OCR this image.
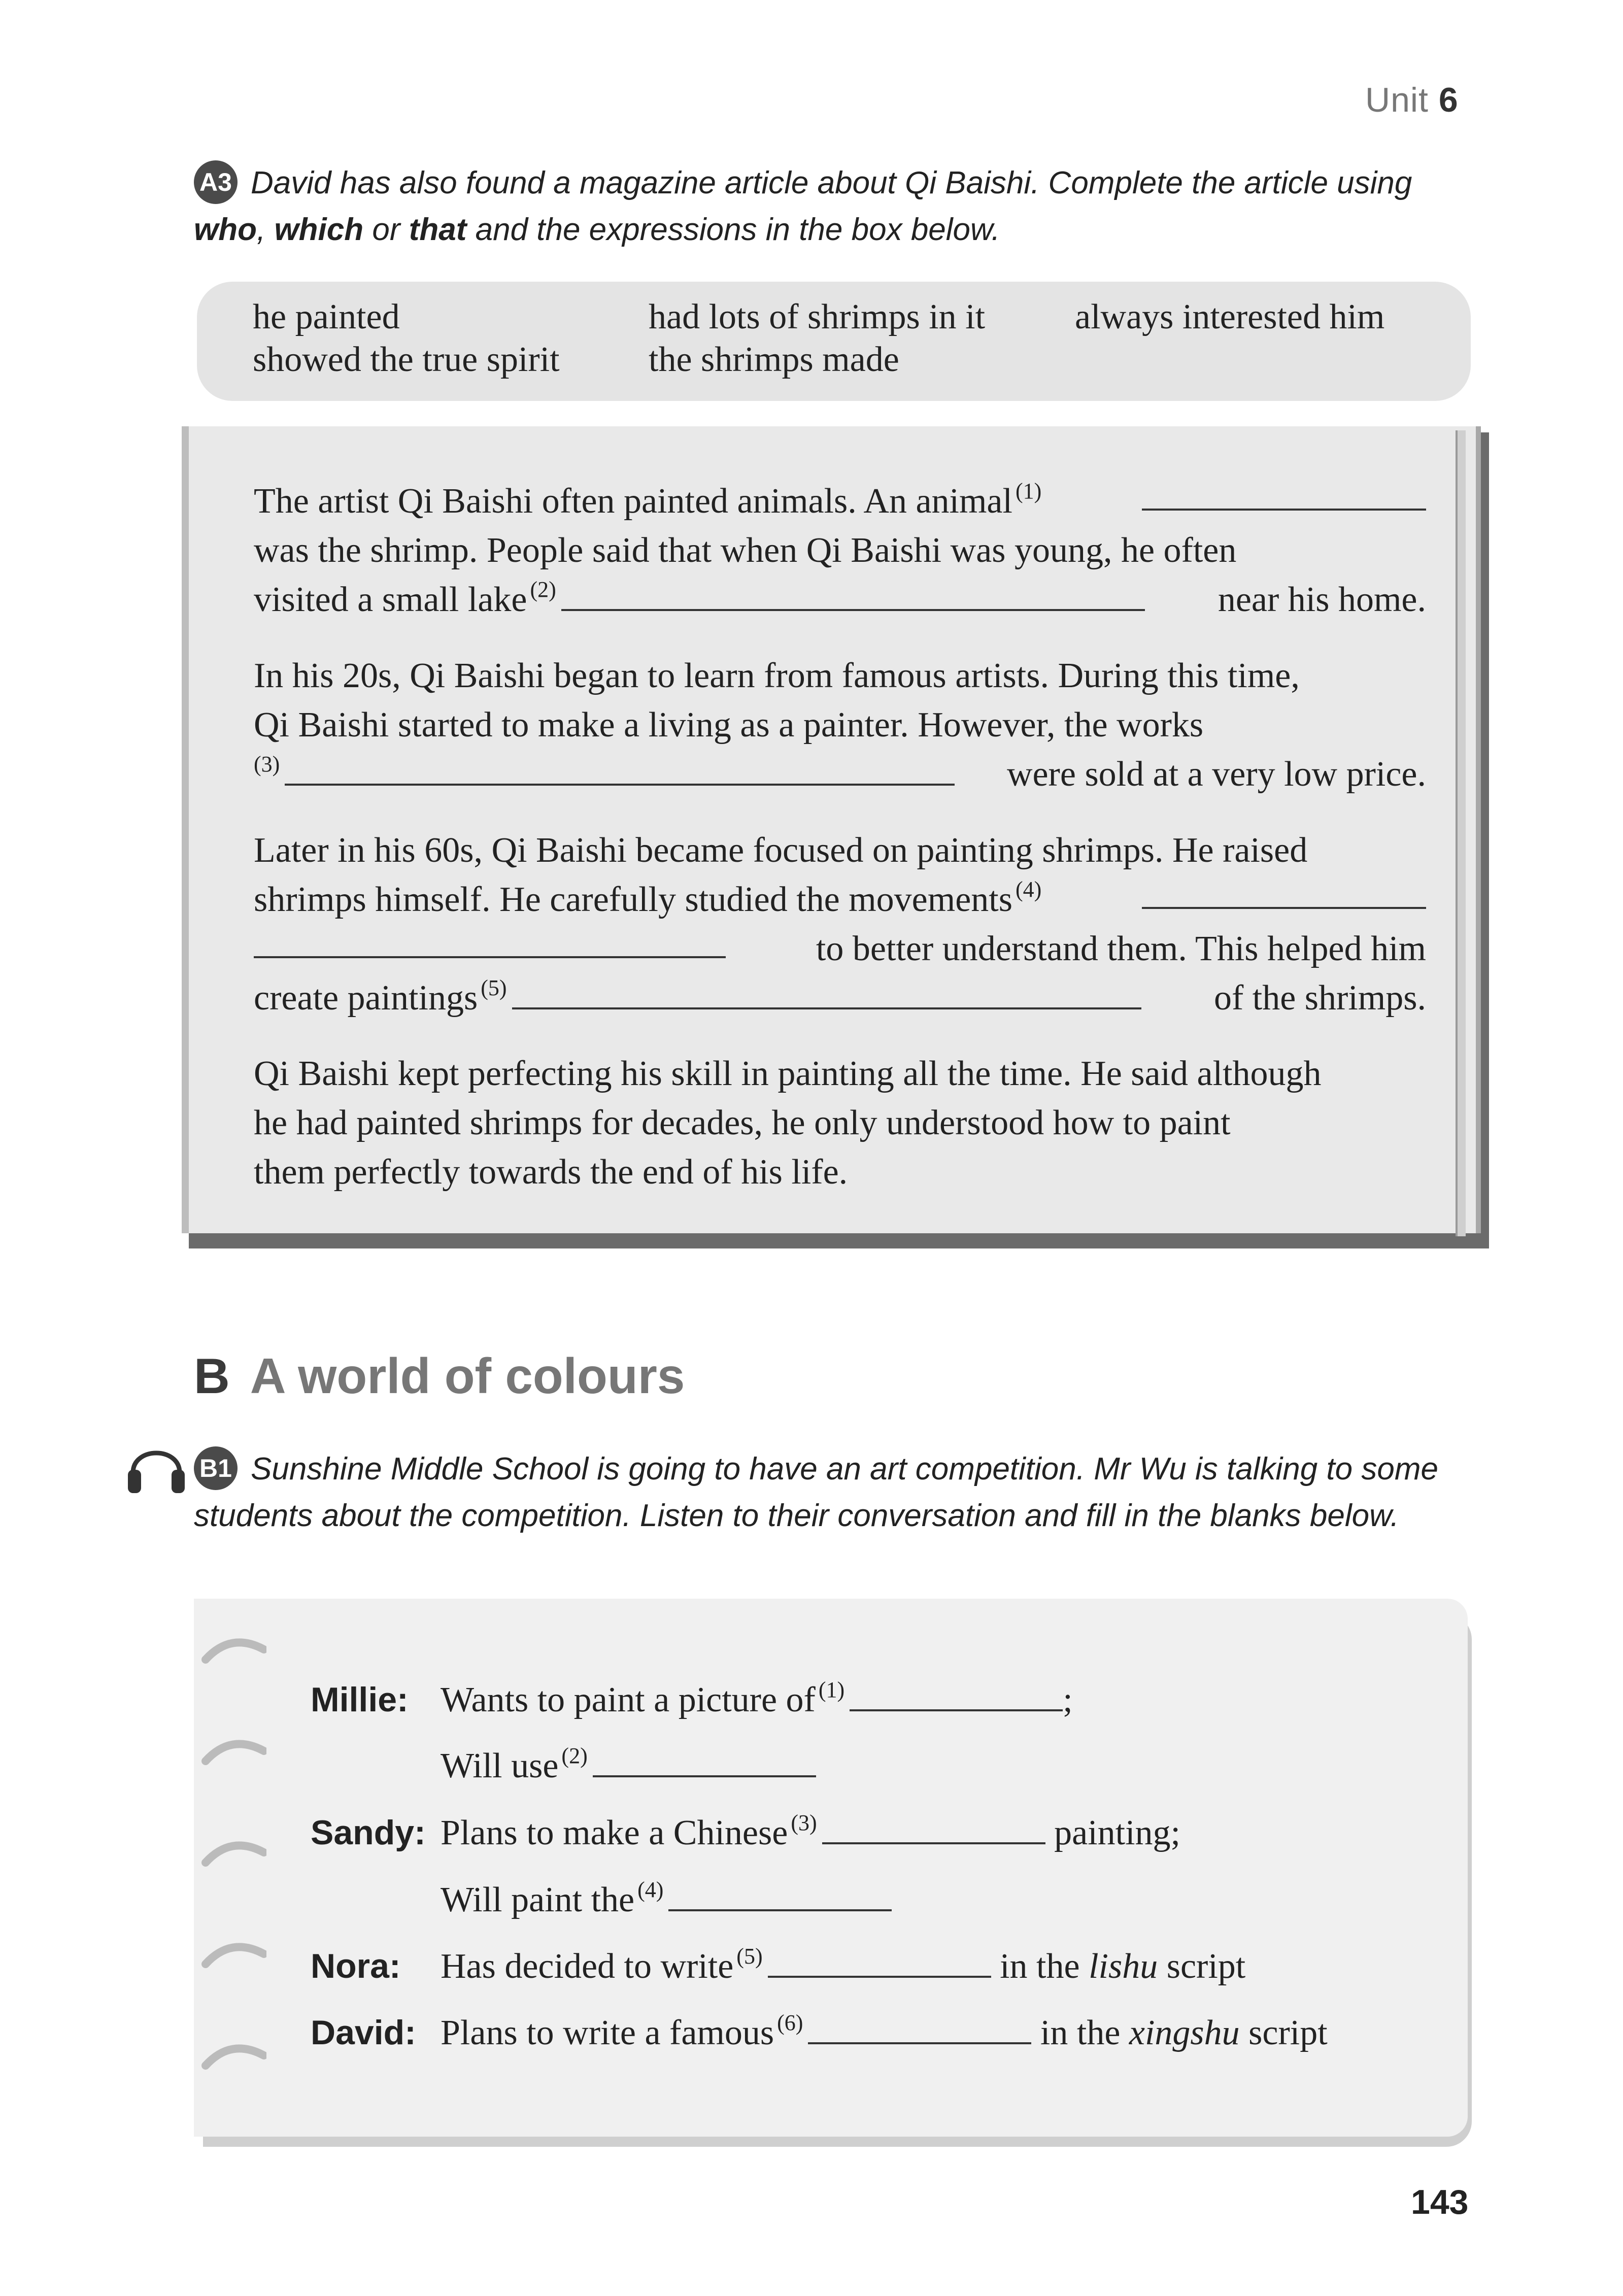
Unit 6
A3 David has also found a magazine article about Qi Baishi. Complete the article using who, which or that and the expressions in the box below.
he painted	had lots of shrimps in it	always interested him
showed the true spirit	the shrimps made
The artist Qi Baishi often painted animals. An animal $^{(1)}$
was the shrimp. People said that when Qi Baishi was young, he often
visited a small lake $^{(2)}$	near his home.
In his 20s, Qi Baishi began to learn from famous artists. During this time,
Qi Baishi started to make a living as a painter. However, the works
$^{(3)}$	were sold at a very low price.
Later in his 60s, Qi Baishi became focused on painting shrimps. He raised
shrimps himself. He carefully studied the movements $^{(4)}$
to better understand them. This helped him
create paintings $^{(5)}$	of the shrimps.
Qi Baishi kept perfecting his skill in painting all the time. He said although
he had painted shrimps for decades, he only understood how to paint
them perfectly towards the end of his life.
B A world of colours
B1 Sunshine Middle School is going to have an art competition. Mr Wu is talking to some students about the competition. Listen to their conversation and fill in the blanks below.
Millie: Wants to paint a picture of $^{(1)}$	;
Will use $^{(2)}$
Sandy: Plans to make a Chinese $^{(3)}$	painting;
Will paint the $^{(4)}$
Nora: Has decided to write $^{(5)}$	in the lishu script
David: Plans to write a famous $^{(6)}$	in the xingshu script
143
